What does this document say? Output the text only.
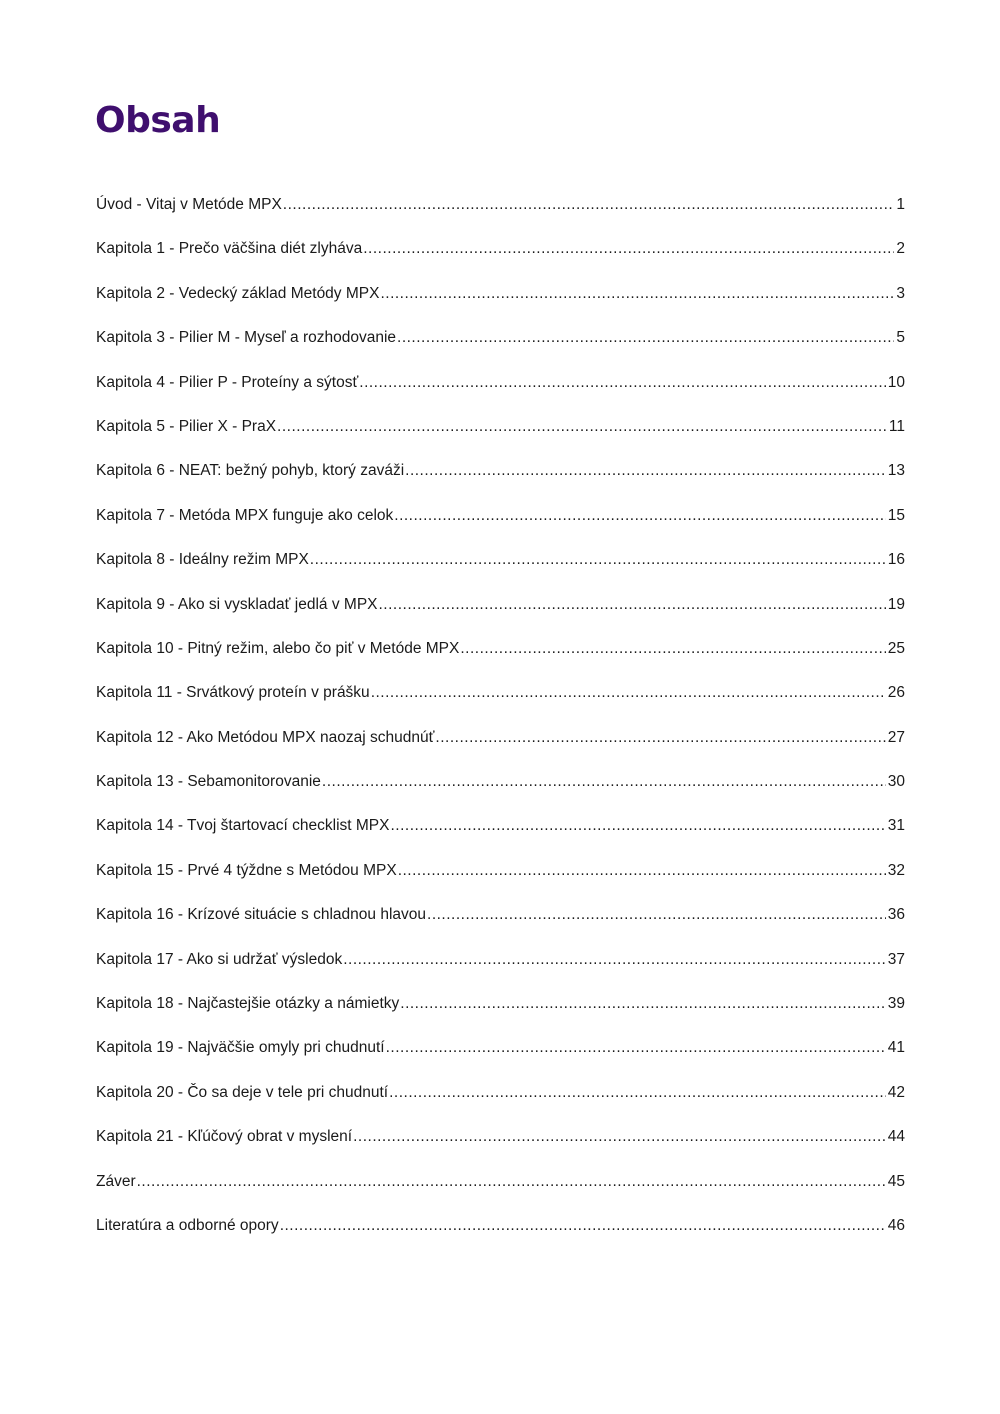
Obsah
Úvod - Vitaj v Metóde MPX .....	1
Kapitola 1 - Prečo väčšina diét zlyháva .....	2
Kapitola 2 - Vedecký základ Metódy MPX .....	3
Kapitola 3 - Pilier M - Myseľ a rozhodovanie .....	5
Kapitola 4 - Pilier P - Proteíny a sýtosť .....	10
Kapitola 5 - Pilier X - PraX .....	11
Kapitola 6 - NEAT: bežný pohyb, ktorý zaváži .....	13
Kapitola 7 - Metóda MPX funguje ako celok .....	15
Kapitola 8 - Ideálny režim MPX .....	16
Kapitola 9 - Ako si vyskladať jedlá v MPX .....	19
Kapitola 10 - Pitný režim, alebo čo piť v Metóde MPX .....	25
Kapitola 11 - Srvátkový proteín v prášku .....	26
Kapitola 12 - Ako Metódou MPX naozaj schudnúť .....	27
Kapitola 13 - Sebamonitorovanie .....	30
Kapitola 14 - Tvoj štartovací checklist MPX .....	31
Kapitola 15 - Prvé 4 týždne s Metódou MPX .....	32
Kapitola 16 - Krízové situácie s chladnou hlavou .....	36
Kapitola 17 - Ako si udržať výsledok .....	37
Kapitola 18 - Najčastejšie otázky a námietky .....	39
Kapitola 19 - Najväčšie omyly pri chudnutí .....	41
Kapitola 20 - Čo sa deje v tele pri chudnutí .....	42
Kapitola 21 - Kľúčový obrat v myslení .....	44
Záver .....	45
Literatúra a odborné opory .....	46
